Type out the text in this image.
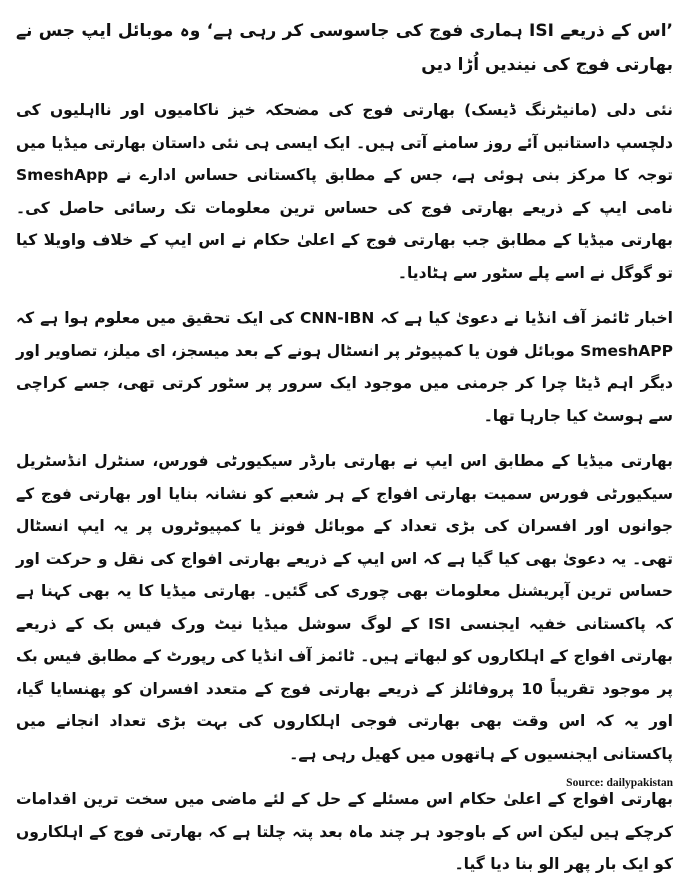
’اس کے ذریعے ISI ہماری فوج کی جاسوسی کر رہی ہے‘ وہ موبائل ایپ جس نے بھارتی فوج کی نیندیں اُڑا دیں

نئی دلی (مانیٹرنگ ڈیسک) بھارتی فوج کی مضحکہ خیز ناکامیوں اور نااہلیوں کی دلچسپ داستانیں آئے روز سامنے آتی ہیں۔ ایک ایسی ہی نئی داستان بھارتی میڈیا میں توجہ کا مرکز بنی ہوئی ہے، جس کے مطابق پاکستانی حساس ادارے نے SmeshApp نامی ایپ کے ذریعے بھارتی فوج کی حساس ترین معلومات تک رسائی حاصل کی۔ بھارتی میڈیا کے مطابق جب بھارتی فوج کے اعلیٰ حکام نے اس ایپ کے خلاف واویلا کیا تو گوگل نے اسے پلے سٹور سے ہٹادیا۔

اخبار ٹائمز آف انڈیا نے دعویٰ کیا ہے کہ CNN-IBN کی ایک تحقیق میں معلوم ہوا ہے کہ SmeshAPP موبائل فون یا کمپیوٹر پر انسٹال ہونے کے بعد میسجز، ای میلز، تصاویر اور دیگر اہم ڈیٹا چرا کر جرمنی میں موجود ایک سرور پر سٹور کرتی تھی، جسے کراچی سے ہوسٹ کیا جارہا تھا۔

بھارتی میڈیا کے مطابق اس ایپ نے بھارتی بارڈر سیکیورٹی فورس، سنٹرل انڈسٹریل سیکیورٹی فورس سمیت بھارتی افواج کے ہر شعبے کو نشانہ بنایا اور بھارتی فوج کے جوانوں اور افسران کی بڑی تعداد کے موبائل فونز یا کمپیوٹروں پر یہ ایپ انسٹال تھی۔ یہ دعویٰ بھی کیا گیا ہے کہ اس ایپ کے ذریعے بھارتی افواج کی نقل و حرکت اور حساس ترین آپریشنل معلومات بھی چوری کی گئیں۔ بھارتی میڈیا کا یہ بھی کہنا ہے کہ پاکستانی خفیہ ایجنسی ISI کے لوگ سوشل میڈیا نیٹ ورک فیس بک کے ذریعے بھارتی افواج کے اہلکاروں کو لبھاتے ہیں۔ ٹائمز آف انڈیا کی رپورٹ کے مطابق فیس بک پر موجود تقریباً 10 پروفائلز کے ذریعے بھارتی فوج کے متعدد افسران کو پھنسایا گیا، اور یہ کہ اس وقت بھی بھارتی فوجی اہلکاروں کی بہت بڑی تعداد انجانے میں پاکستانی ایجنسیوں کے ہاتھوں میں کھیل رہی ہے۔

بھارتی افواج کے اعلیٰ حکام اس مسئلے کے حل کے لئے ماضی میں سخت ترین اقدامات کرچکے ہیں لیکن اس کے باوجود ہر چند ماہ بعد پتہ چلتا ہے کہ بھارتی فوج کے اہلکاروں کو ایک بار پھر الو بنا دیا گیا۔

Source: dailypakistan
